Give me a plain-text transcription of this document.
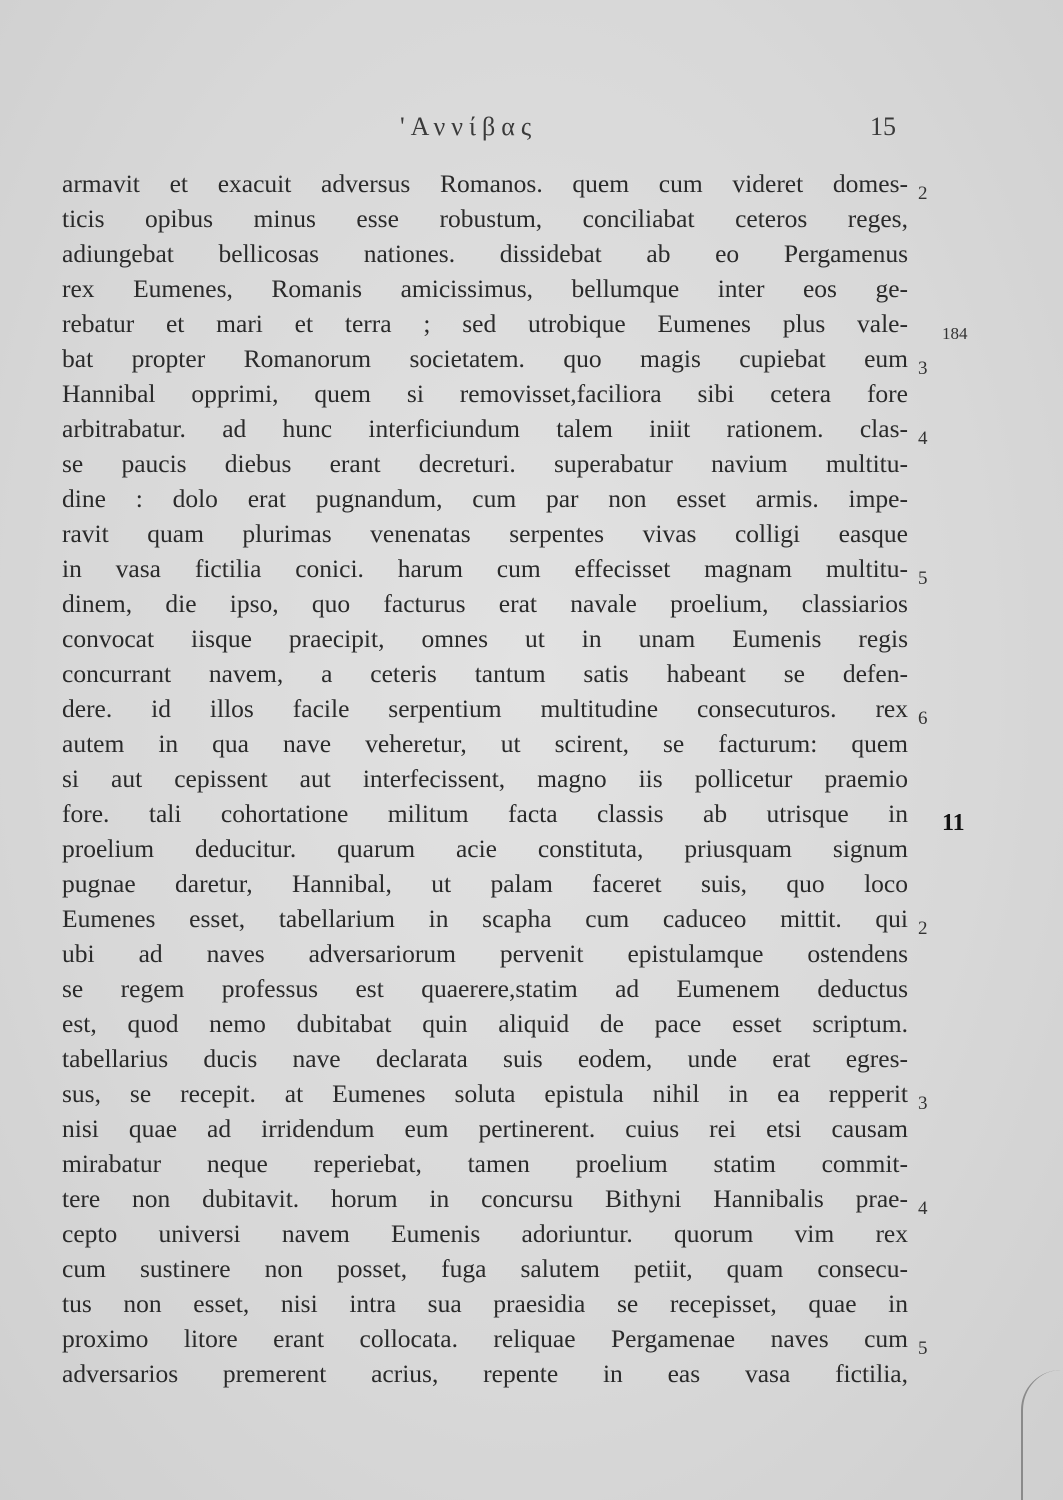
'Αννίβας	15
armavit et exacuit adversus Romanos. quem cum videret domes-
ticis opibus minus esse robustum, conciliabat ceteros reges,
adiungebat bellicosas nationes. dissidebat ab eo Pergamenus
rex Eumenes, Romanis amicissimus, bellumque inter eos ge-
rebatur et mari et terra ; sed utrobique Eumenes plus vale-
bat propter Romanorum societatem. quo magis cupiebat eum
Hannibal opprimi, quem si removisset,faciliora sibi cetera fore
arbitrabatur. ad hunc interficiundum talem iniit rationem. clas-
se paucis diebus erant decreturi. superabatur navium multitu-
dine : dolo erat pugnandum, cum par non esset armis. impe-
ravit quam plurimas venenatas serpentes vivas colligi easque
in vasa fictilia conici. harum cum effecisset magnam multitu-
dinem, die ipso, quo facturus erat navale proelium, classiarios
convocat iisque praecipit, omnes ut in unam Eumenis regis
concurrant navem, a ceteris tantum satis habeant se defen-
dere. id illos facile serpentium multitudine consecuturos. rex
autem in qua nave veheretur, ut scirent, se facturum: quem
si aut cepissent aut interfecissent, magno iis pollicetur praemio
fore. tali cohortatione militum facta classis ab utrisque in
proelium deducitur. quarum acie constituta, priusquam signum
pugnae daretur, Hannibal, ut palam faceret suis, quo loco
Eumenes esset, tabellarium in scapha cum caduceo mittit. qui
ubi ad naves adversariorum pervenit epistulamque ostendens
se regem professus est quaerere,statim ad Eumenem deductus
est, quod nemo dubitabat quin aliquid de pace esset scriptum.
tabellarius ducis nave declarata suis eodem, unde erat egres-
sus, se recepit. at Eumenes soluta epistula nihil in ea repperit
nisi quae ad irridendum eum pertinerent. cuius rei etsi causam
mirabatur neque reperiebat, tamen proelium statim commit-
tere non dubitavit. horum in concursu Bithyni Hannibalis prae-
cepto universi navem Eumenis adoriuntur. quorum vim rex
cum sustinere non posset, fuga salutem petiit, quam consecu-
tus non esset, nisi intra sua praesidia se recepisset, quae in
proximo litore erant collocata. reliquae Pergamenae naves cum
adversarios premerent acrius, repente in eas vasa fictilia,
2
184
3
4
5
6
11
2
3
4
5
